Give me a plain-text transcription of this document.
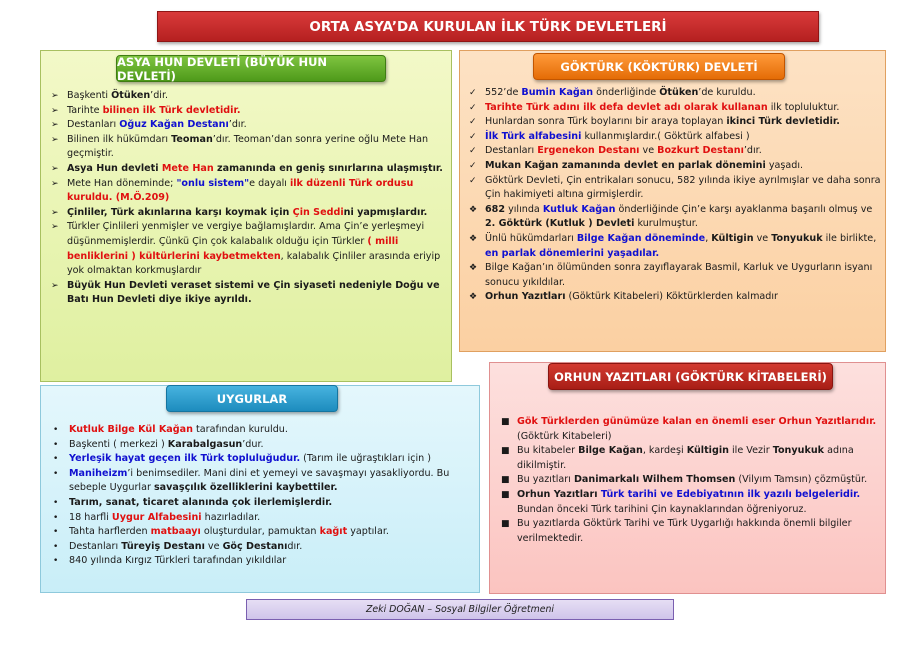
ORTA ASYA’DA KURULAN İLK TÜRK DEVLETLERİ
ASYA HUN DEVLETİ (BÜYÜK HUN DEVLETİ)
➢ Başkenti Ötüken’dir.
➢ Tarihte bilinen ilk Türk devletidir.
➢ Destanları Oğuz Kağan Destanı’dır.
➢ Bilinen ilk hükümdarı Teoman’dır. Teoman’dan sonra yerine oğlu Mete Han geçmiştir.
➢ Asya Hun devleti Mete Han zamanında en geniş sınırlarına ulaşmıştır.
➢ Mete Han döneminde; "onlu sistem"e dayalı ilk düzenli Türk ordusu kuruldu. (M.Ö.209)
➢ Çinliler, Türk akınlarına karşı koymak için Çin Seddini yapmışlardır.
➢ Türkler Çinlileri yenmişler ve vergiye bağlamışlardır. Ama Çin’e yerleşmeyi düşünmemişlerdir. Çünkü Çin çok kalabalık olduğu için Türkler ( milli benliklerini ) kültürlerini kaybetmekten, kalabalık Çinliler arasında eriyip yok olmaktan korkmuşlardır
➢ Büyük Hun Devleti veraset sistemi ve Çin siyaseti nedeniyle Doğu ve Batı Hun Devleti diye ikiye ayrıldı.
GÖKTÜRK (KÖKTÜRK) DEVLETİ
✓ 552’de Bumin Kağan önderliğinde Ötüken’de kuruldu.
✓ Tarihte Türk adını ilk defa devlet adı olarak kullanan ilk topluluktur.
✓ Hunlardan sonra Türk boylarını bir araya toplayan ikinci Türk devletidir.
✓ İlk Türk alfabesini kullanmışlardır.( Göktürk alfabesi )
✓ Destanları Ergenekon Destanı ve Bozkurt Destanı’dır.
✓ Mukan Kağan zamanında devlet en parlak dönemini yaşadı.
✓ Göktürk Devleti, Çin entrikaları sonucu, 582 yılında ikiye ayrılmışlar ve daha sonra Çin hakimiyeti altına girmişlerdir.
❖ 682 yılında Kutluk Kağan önderliğinde Çin’e karşı ayaklanma başarılı olmuş ve 2. Göktürk (Kutluk ) Devleti kurulmuştur.
❖ Ünlü hükümdarları Bilge Kağan döneminde, Kültigin ve Tonyukuk ile birlikte, en parlak dönemlerini yaşadılar.
❖ Bilge Kağan’ın ölümünden sonra zayıflayarak Basmil, Karluk ve Uygurların isyanı sonucu yıkıldılar.
❖ Orhun Yazıtları (Göktürk Kitabeleri) Köktürklerden kalmadır
UYGURLAR
•	Kutluk Bilge Kül Kağan tarafından kuruldu.
•	Başkenti ( merkezi ) Karabalgasun’dur.
•	Yerleşik hayat geçen ilk Türk topluluğudur. (Tarım ile uğraştıkları için )
•	Maniheizm’i benimsediler. Mani dini et yemeyi ve savaşmayı yasakliyordu. Bu sebeple Uygurlar savaşçılık özelliklerini kaybettiler.
•	Tarım, sanat, ticaret alanında çok ilerlemişlerdir.
•	18 harfli Uygur Alfabesini hazırladılar.
•	Tahta harflerden matbaayı oluşturdular, pamuktan kağıt yaptılar.
•	Destanları Türeyiş Destanı ve Göç Destanıdır.
•	840 yılında Kırgız Türkleri tarafından yıkıldılar
ORHUN YAZITLARI (GÖKTÜRK KİTABELERİ)
■ Gök Türklerden günümüze kalan en önemli eser Orhun Yazıtlarıdır. (Göktürk Kitabeleri)
■ Bu kitabeler Bilge Kağan, kardeşi Kültigin ile Vezir Tonyukuk adına dikilmiştir.
■ Bu yazıtları Danimarkalı Wilhem Thomsen (Vilyım Tamsın) çözmüştür.
■ Orhun Yazıtları Türk tarihi ve Edebiyatının ilk yazılı belgeleridir. Bundan önceki Türk tarihini Çin kaynaklarından öğreniyoruz.
■ Bu yazıtlarda Göktürk Tarihi ve Türk Uygarlığı hakkında önemli bilgiler verilmektedir.
Zeki DOĞAN – Sosyal Bilgiler Öğretmeni
